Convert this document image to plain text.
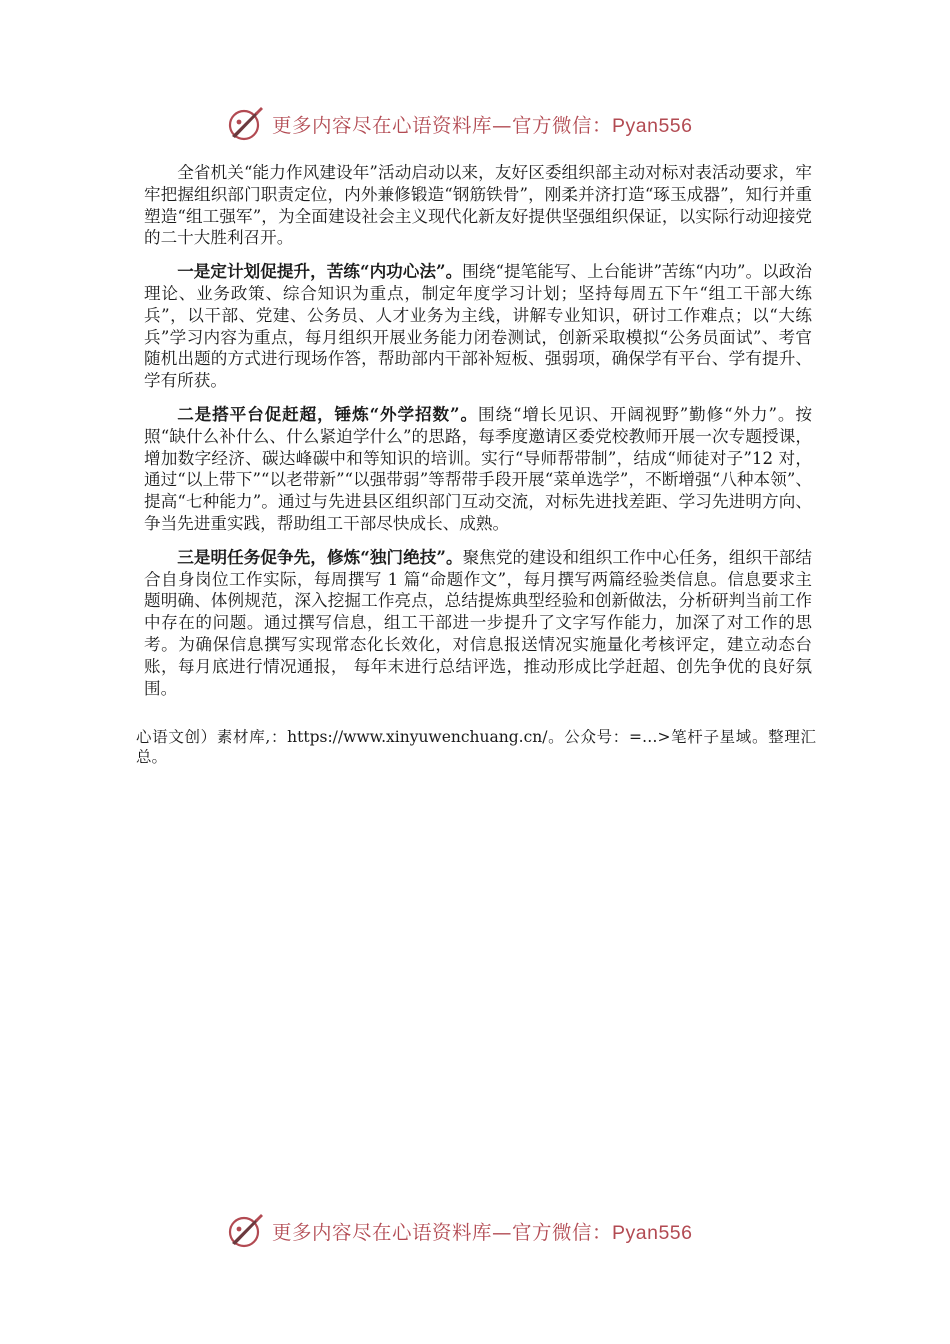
更多内容尽在心语资料库—官方微信：Pyan556

全省机关“能力作风建设年”活动启动以来，友好区委组织部主动对标对表活动要求，牢牢把握组织部门职责定位，内外兼修锻造“钢筋铁骨”，刚柔并济打造“琢玉成器”，知行并重塑造“组工强军”，为全面建设社会主义现代化新友好提供坚强组织保证，以实际行动迎接党的二十大胜利召开。

一是定计划促提升，苦练“内功心法”。围绕“提笔能写、上台能讲”苦练“内功”。以政治理论、业务政策、综合知识为重点，制定年度学习计划；坚持每周五下午“组工干部大练兵”，以干部、党建、公务员、人才业务为主线，讲解专业知识，研讨工作难点；以“大练兵”学习内容为重点，每月组织开展业务能力闭卷测试，创新采取模拟“公务员面试”、考官随机出题的方式进行现场作答，帮助部内干部补短板、强弱项，确保学有平台、学有提升、学有所获。

二是搭平台促赶超，锤炼“外学招数”。围绕“增长见识、开阔视野”勤修“外力”。按照“缺什么补什么、什么紧迫学什么”的思路，每季度邀请区委党校教师开展一次专题授课，增加数字经济、碳达峰碳中和等知识的培训。实行“导师帮带制”，结成“师徒对子”12 对，通过“以上带下”“以老带新”“以强带弱”等帮带手段开展“菜单选学”，不断增强“八种本领”、提高“七种能力”。通过与先进县区组织部门互动交流，对标先进找差距、学习先进明方向、争当先进重实践，帮助组工干部尽快成长、成熟。

三是明任务促争先，修炼“独门绝技”。聚焦党的建设和组织工作中心任务，组织干部结合自身岗位工作实际，每周撰写 1 篇“命题作文”，每月撰写两篇经验类信息。信息要求主题明确、体例规范，深入挖掘工作亮点，总结提炼典型经验和创新做法，分析研判当前工作中存在的问题。通过撰写信息，组工干部进一步提升了文字写作能力，加深了对工作的思考。为确保信息撰写实现常态化长效化，对信息报送情况实施量化考核评定，建立动态台账，每月底进行情况通报， 每年末进行总结评选，推动形成比学赶超、创先争优的良好氛围。

心语文创）素材库,：https://www.xinyuwenchuang.cn/。公众号：=…>笔杆子星域。整理汇总。
更多内容尽在心语资料库—官方微信：Pyan556
